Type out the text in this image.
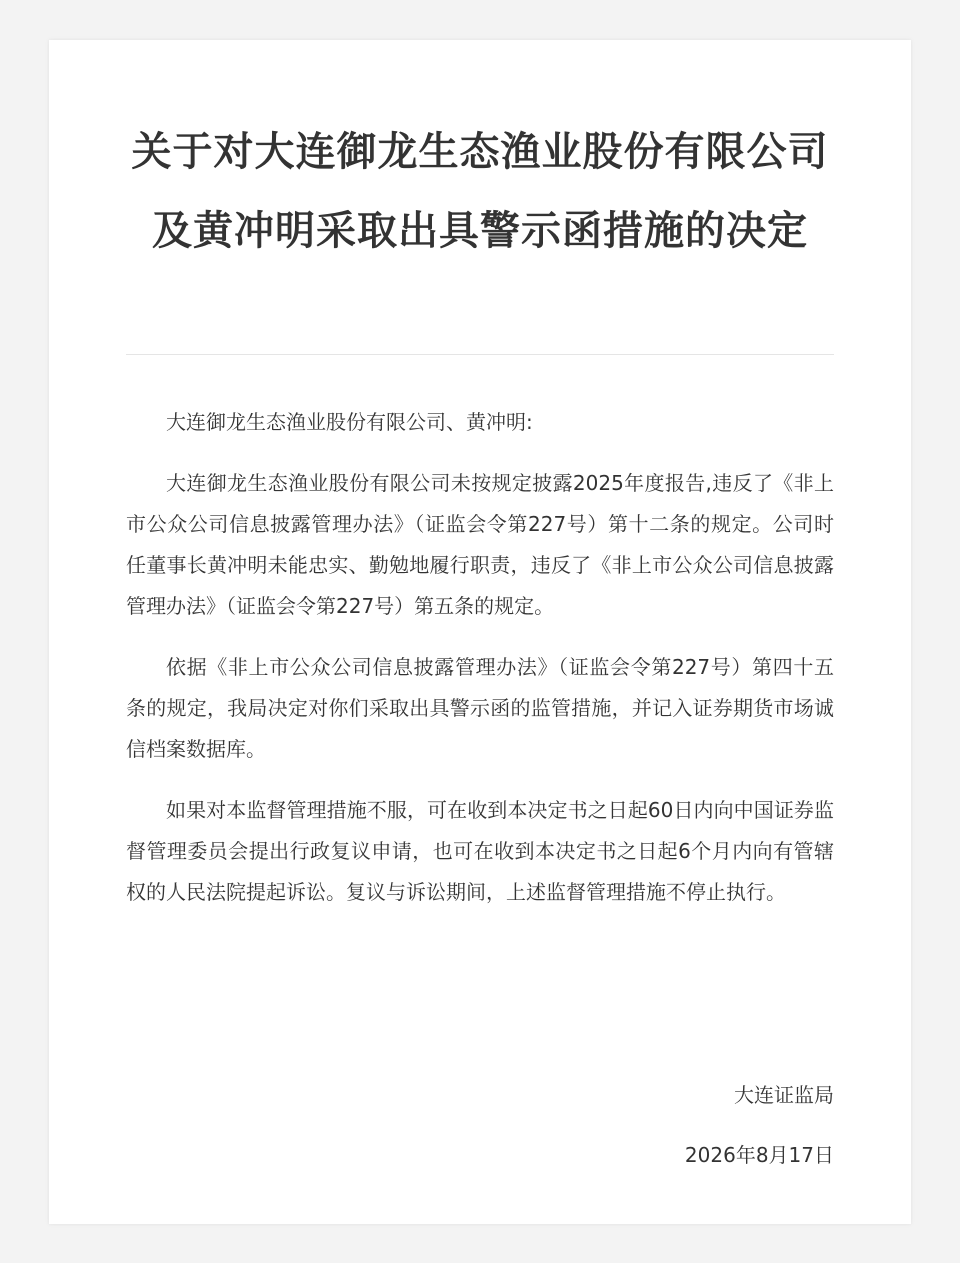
关于对大连御龙生态渔业股份有限公司及黄冲明采取出具警示函措施的决定

大连御龙生态渔业股份有限公司、黄冲明:

大连御龙生态渔业股份有限公司未按规定披露2025年度报告,违反了《非上市公众公司信息披露管理办法》（证监会令第227号）第十二条的规定。公司时任董事长黄冲明未能忠实、勤勉地履行职责，违反了《非上市公众公司信息披露管理办法》（证监会令第227号）第五条的规定。

依据《非上市公众公司信息披露管理办法》（证监会令第227号）第四十五条的规定，我局决定对你们采取出具警示函的监管措施，并记入证券期货市场诚信档案数据库。

如果对本监督管理措施不服，可在收到本决定书之日起60日内向中国证券监督管理委员会提出行政复议申请，也可在收到本决定书之日起6个月内向有管辖权的人民法院提起诉讼。复议与诉讼期间，上述监督管理措施不停止执行。

大连证监局
2026年8月17日
